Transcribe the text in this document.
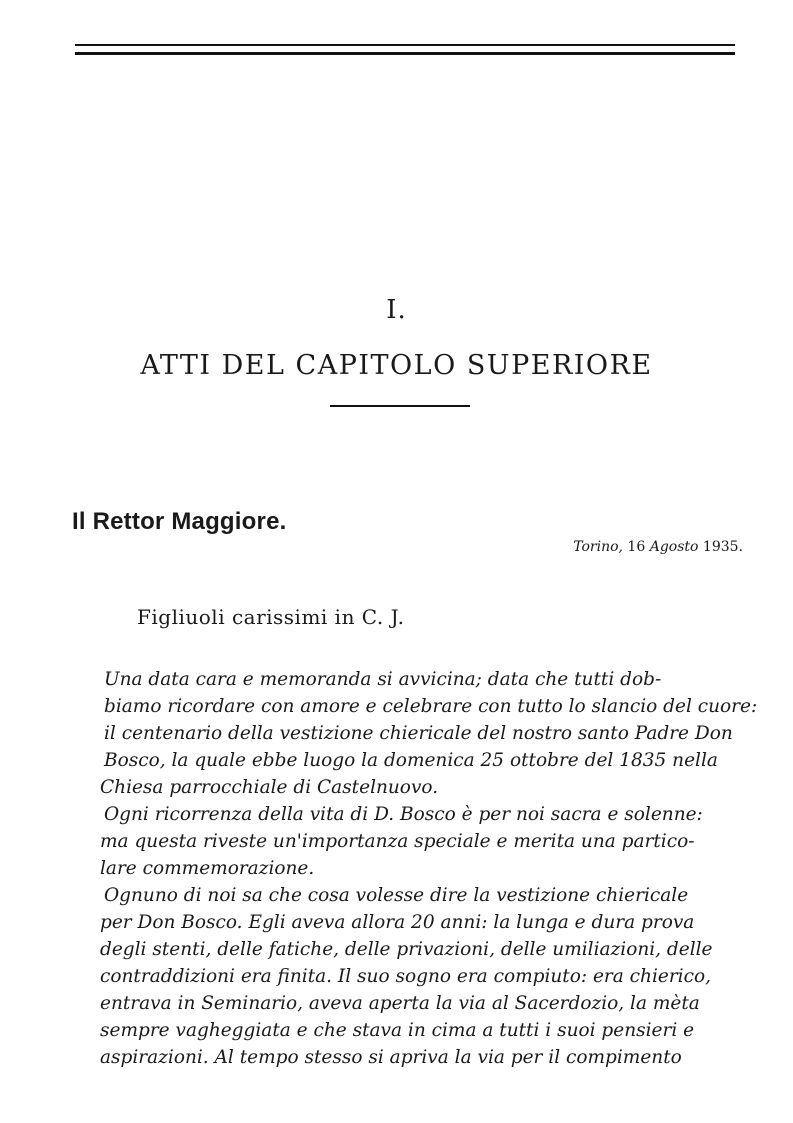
I.
ATTI DEL CAPITOLO SUPERIORE
Il Rettor Maggiore.
Torino, 16 Agosto 1935.
Figliuoli carissimi in C. J.
Una data cara e memoranda si avvicina; data che tutti dob-
biamo ricordare con amore e celebrare con tutto lo slancio del cuore:
il centenario della vestizione chiericale del nostro santo Padre Don
Bosco, la quale ebbe luogo la domenica 25 ottobre del 1835 nella
Chiesa parrocchiale di Castelnuovo.
Ogni ricorrenza della vita di D. Bosco è per noi sacra e solenne:
ma questa riveste un'importanza speciale e merita una partico-
lare commemorazione.
Ognuno di noi sa che cosa volesse dire la vestizione chiericale
per Don Bosco. Egli aveva allora 20 anni: la lunga e dura prova
degli stenti, delle fatiche, delle privazioni, delle umiliazioni, delle
contraddizioni era finita. Il suo sogno era compiuto: era chierico,
entrava in Seminario, aveva aperta la via al Sacerdozio, la mèta
sempre vagheggiata e che stava in cima a tutti i suoi pensieri e
aspirazioni. Al tempo stesso si apriva la via per il compimento
